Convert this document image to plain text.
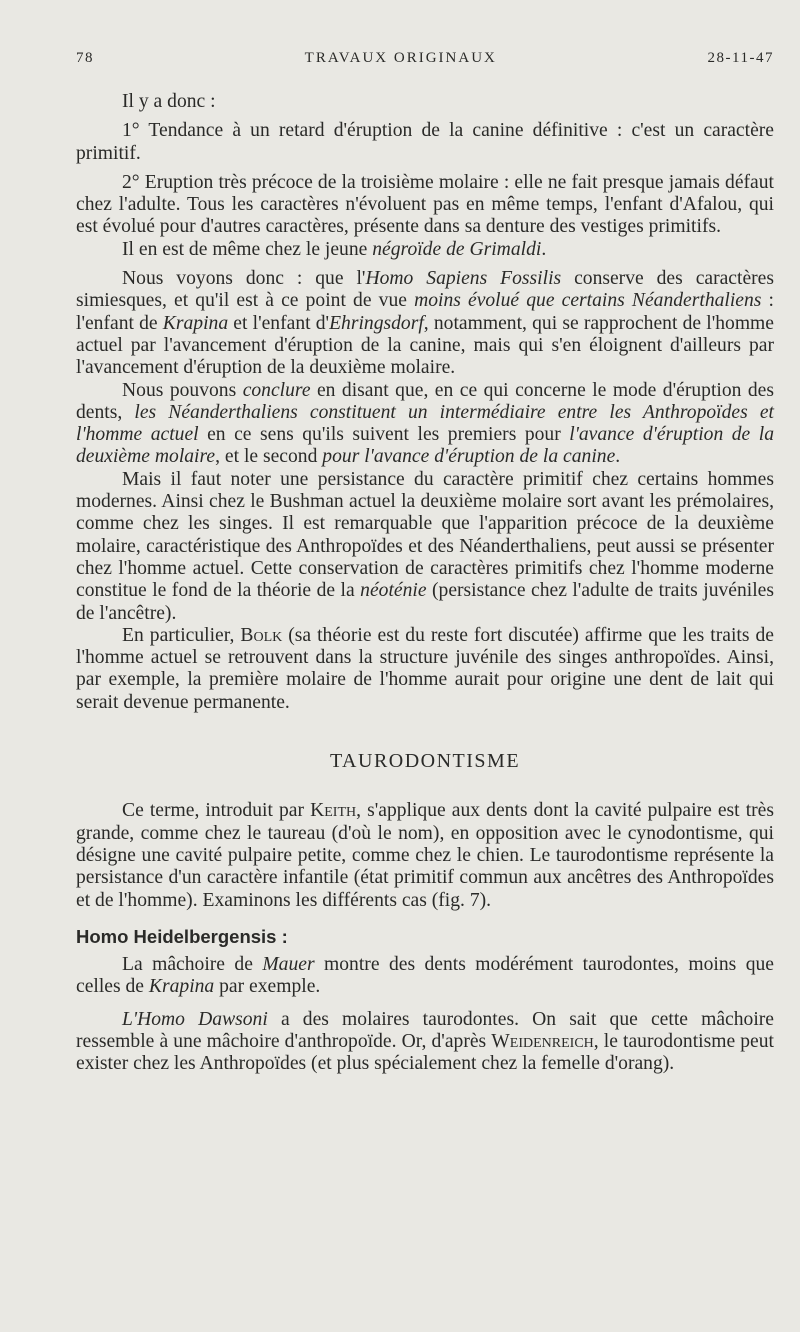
78	TRAVAUX ORIGINAUX	28-11-47

Il y a donc :

1° Tendance à un retard d'éruption de la canine définitive : c'est un caractère primitif.

2° Eruption très précoce de la troisième molaire : elle ne fait presque jamais défaut chez l'adulte. Tous les caractères n'évoluent pas en même temps, l'enfant d'Afalou, qui est évolué pour d'autres caractères, présente dans sa denture des vestiges primitifs.

Il en est de même chez le jeune négroïde de Grimaldi.

Nous voyons donc : que l'Homo Sapiens Fossilis conserve des caractères simiesques, et qu'il est à ce point de vue moins évolué que certains Néanderthaliens : l'enfant de Krapina et l'enfant d'Ehringsdorf, notamment, qui se rapprochent de l'homme actuel par l'avancement d'éruption de la canine, mais qui s'en éloignent d'ailleurs par l'avancement d'éruption de la deuxième molaire.

Nous pouvons conclure en disant que, en ce qui concerne le mode d'éruption des dents, les Néanderthaliens constituent un intermédiaire entre les Anthropoïdes et l'homme actuel en ce sens qu'ils suivent les premiers pour l'avance d'éruption de la deuxième molaire, et le second pour l'avance d'éruption de la canine.

Mais il faut noter une persistance du caractère primitif chez certains hommes modernes. Ainsi chez le Bushman actuel la deuxième molaire sort avant les prémolaires, comme chez les singes. Il est remarquable que l'apparition précoce de la deuxième molaire, caractéristique des Anthropoïdes et des Néanderthaliens, peut aussi se présenter chez l'homme actuel. Cette conservation de caractères primitifs chez l'homme moderne constitue le fond de la théorie de la néoténie (persistance chez l'adulte de traits juvéniles de l'ancêtre).

En particulier, Bolk (sa théorie est du reste fort discutée) affirme que les traits de l'homme actuel se retrouvent dans la structure juvénile des singes anthropoïdes. Ainsi, par exemple, la première molaire de l'homme aurait pour origine une dent de lait qui serait devenue permanente.

TAURODONTISME

Ce terme, introduit par Keith, s'applique aux dents dont la cavité pulpaire est très grande, comme chez le taureau (d'où le nom), en opposition avec le cynodontisme, qui désigne une cavité pulpaire petite, comme chez le chien. Le taurodontisme représente la persistance d'un caractère infantile (état primitif commun aux ancêtres des Anthropoïdes et de l'homme). Examinons les différents cas (fig. 7).

Homo Heidelbergensis :

La mâchoire de Mauer montre des dents modérément taurodontes, moins que celles de Krapina par exemple.

L'Homo Dawsoni a des molaires taurodontes. On sait que cette mâchoire ressemble à une mâchoire d'anthropoïde. Or, d'après Weidenreich, le taurodontisme peut exister chez les Anthropoïdes (et plus spécialement chez la femelle d'orang).
